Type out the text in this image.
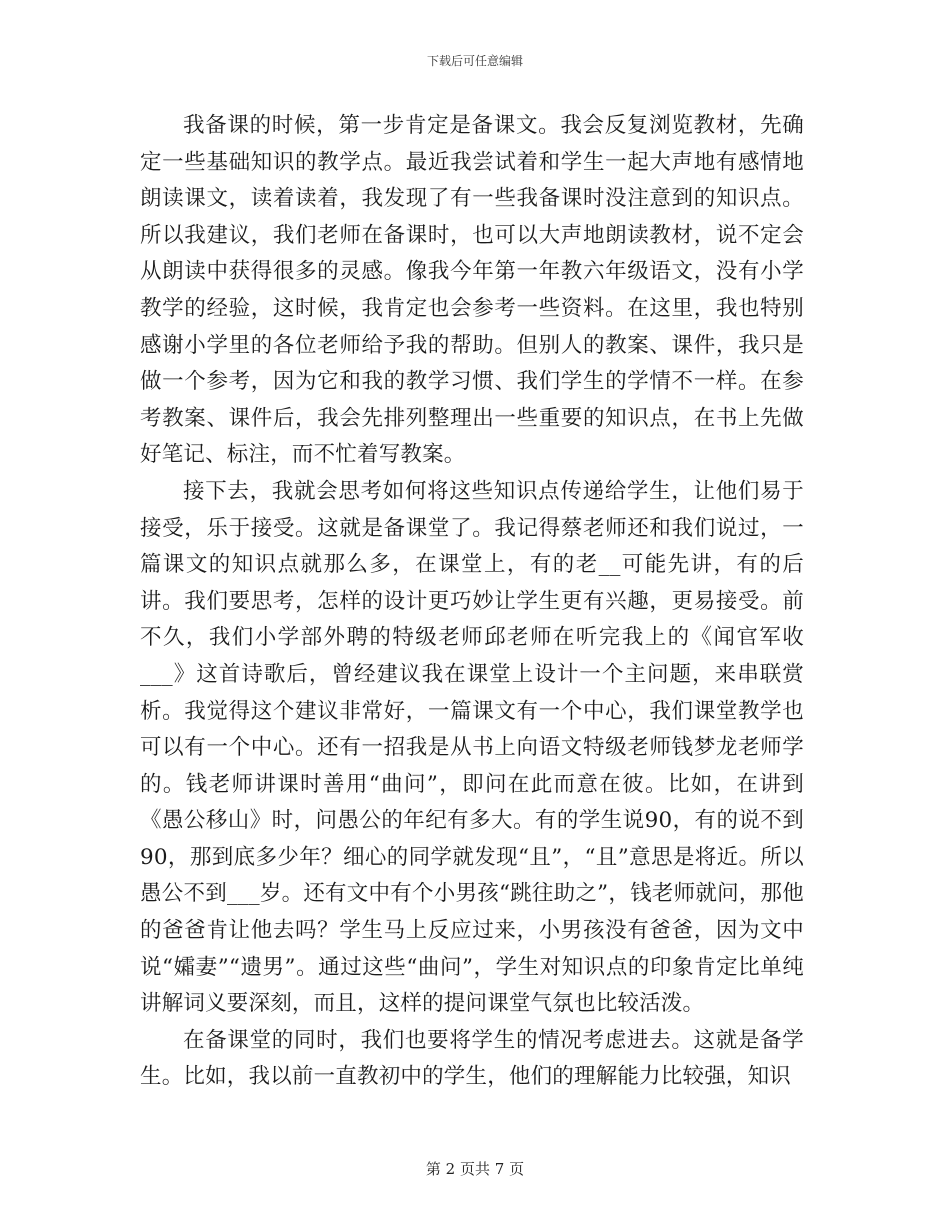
下载后可任意编辑

我备课的时候，第一步肯定是备课文。我会反复浏览教材，先确定一些基础知识的教学点。最近我尝试着和学生一起大声地有感情地朗读课文，读着读着，我发现了有一些我备课时没注意到的知识点。所以我建议，我们老师在备课时，也可以大声地朗读教材，说不定会从朗读中获得很多的灵感。像我今年第一年教六年级语文，没有小学教学的经验，这时候，我肯定也会参考一些资料。在这里，我也特别感谢小学里的各位老师给予我的帮助。但别人的教案、课件，我只是做一个参考，因为它和我的教学习惯、我们学生的学情不一样。在参考教案、课件后，我会先排列整理出一些重要的知识点，在书上先做好笔记、标注，而不忙着写教案。

接下去，我就会思考如何将这些知识点传递给学生，让他们易于接受，乐于接受。这就是备课堂了。我记得蔡老师还和我们说过，一篇课文的知识点就那么多，在课堂上，有的老__可能先讲，有的后讲。我们要思考，怎样的设计更巧妙让学生更有兴趣，更易接受。前不久，我们小学部外聘的特级老师邱老师在听完我上的《闻官军收___》这首诗歌后，曾经建议我在课堂上设计一个主问题，来串联赏析。我觉得这个建议非常好，一篇课文有一个中心，我们课堂教学也可以有一个中心。还有一招我是从书上向语文特级老师钱梦龙老师学的。钱老师讲课时善用“曲问”，即问在此而意在彼。比如，在讲到《愚公移山》时，问愚公的年纪有多大。有的学生说90，有的说不到90，那到底多少年？细心的同学就发现“且”，“且”意思是将近。所以愚公不到___岁。还有文中有个小男孩“跳往助之”，钱老师就问，那他的爸爸肯让他去吗？学生马上反应过来，小男孩没有爸爸，因为文中说“孀妻”“遗男”。通过这些“曲问”，学生对知识点的印象肯定比单纯讲解词义要深刻，而且，这样的提问课堂气氛也比较活泼。

在备课堂的同时，我们也要将学生的情况考虑进去。这就是备学生。比如，我以前一直教初中的学生，他们的理解能力比较强，知识

第 2 页共 7 页
